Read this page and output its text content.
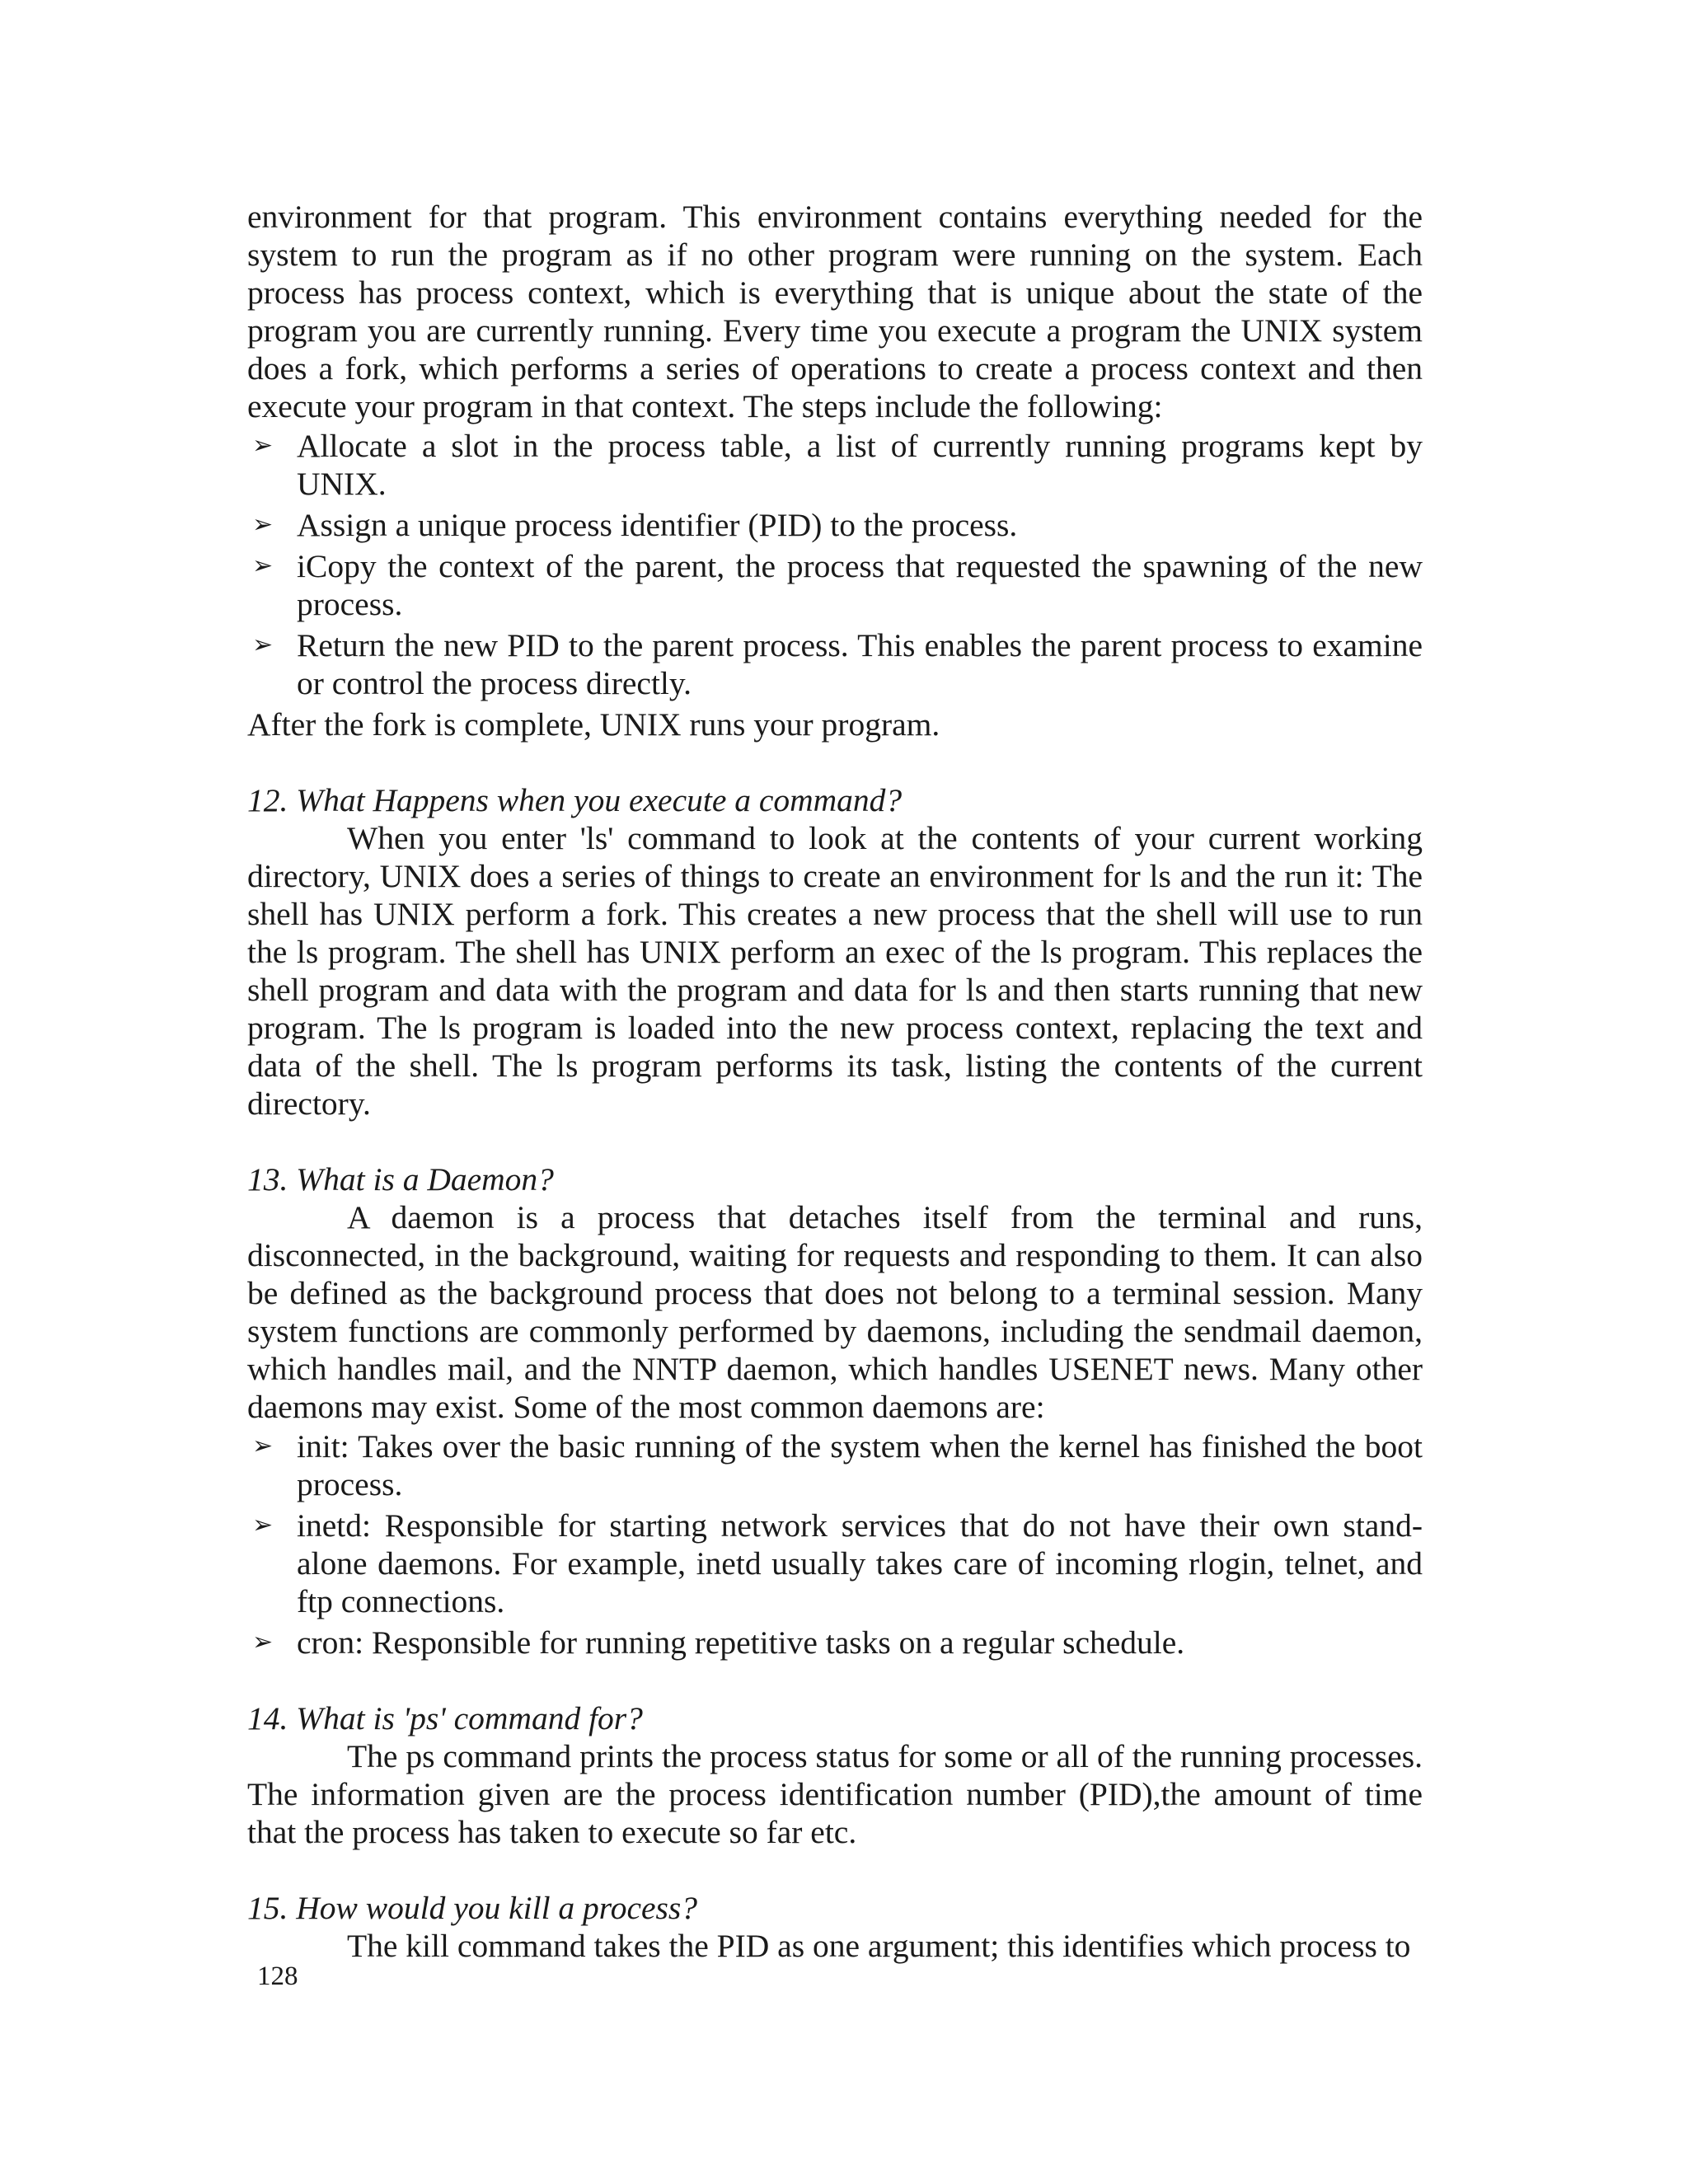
environment for that program. This environment contains everything needed for the system to run the program as if no other program were running on the system. Each process has process context, which is everything that is unique about the state of the program you are currently running. Every time you execute a program the UNIX system does a fork, which performs a series of operations to create a process context and then execute your program in that context. The steps include the following:

➢ Allocate a slot in the process table, a list of currently running programs kept by UNIX.
➢ Assign a unique process identifier (PID) to the process.
➢ iCopy the context of the parent, the process that requested the spawning of the new process.
➢ Return the new PID to the parent process. This enables the parent process to examine or control the process directly.

After the fork is complete, UNIX runs your program.

12. What Happens when you execute a command?

When you enter 'ls' command to look at the contents of your current working directory, UNIX does a series of things to create an environment for ls and the run it: The shell has UNIX perform a fork. This creates a new process that the shell will use to run the ls program. The shell has UNIX perform an exec of the ls program. This replaces the shell program and data with the program and data for ls and then starts running that new program. The ls program is loaded into the new process context, replacing the text and data of the shell. The ls program performs its task, listing the contents of the current directory.

13. What is a Daemon?

A daemon is a process that detaches itself from the terminal and runs, disconnected, in the background, waiting for requests and responding to them. It can also be defined as the background process that does not belong to a terminal session. Many system functions are commonly performed by daemons, including the sendmail daemon, which handles mail, and the NNTP daemon, which handles USENET news. Many other daemons may exist. Some of the most common daemons are:

➢ init: Takes over the basic running of the system when the kernel has finished the boot process.
➢ inetd: Responsible for starting network services that do not have their own stand-alone daemons. For example, inetd usually takes care of incoming rlogin, telnet, and ftp connections.
➢ cron: Responsible for running repetitive tasks on a regular schedule.

14. What is 'ps' command for?

The ps command prints the process status for some or all of the running processes. The information given are the process identification number (PID),the amount of time that the process has taken to execute so far etc.

15. How would you kill a process?

The kill command takes the PID as one argument; this identifies which process to

128
